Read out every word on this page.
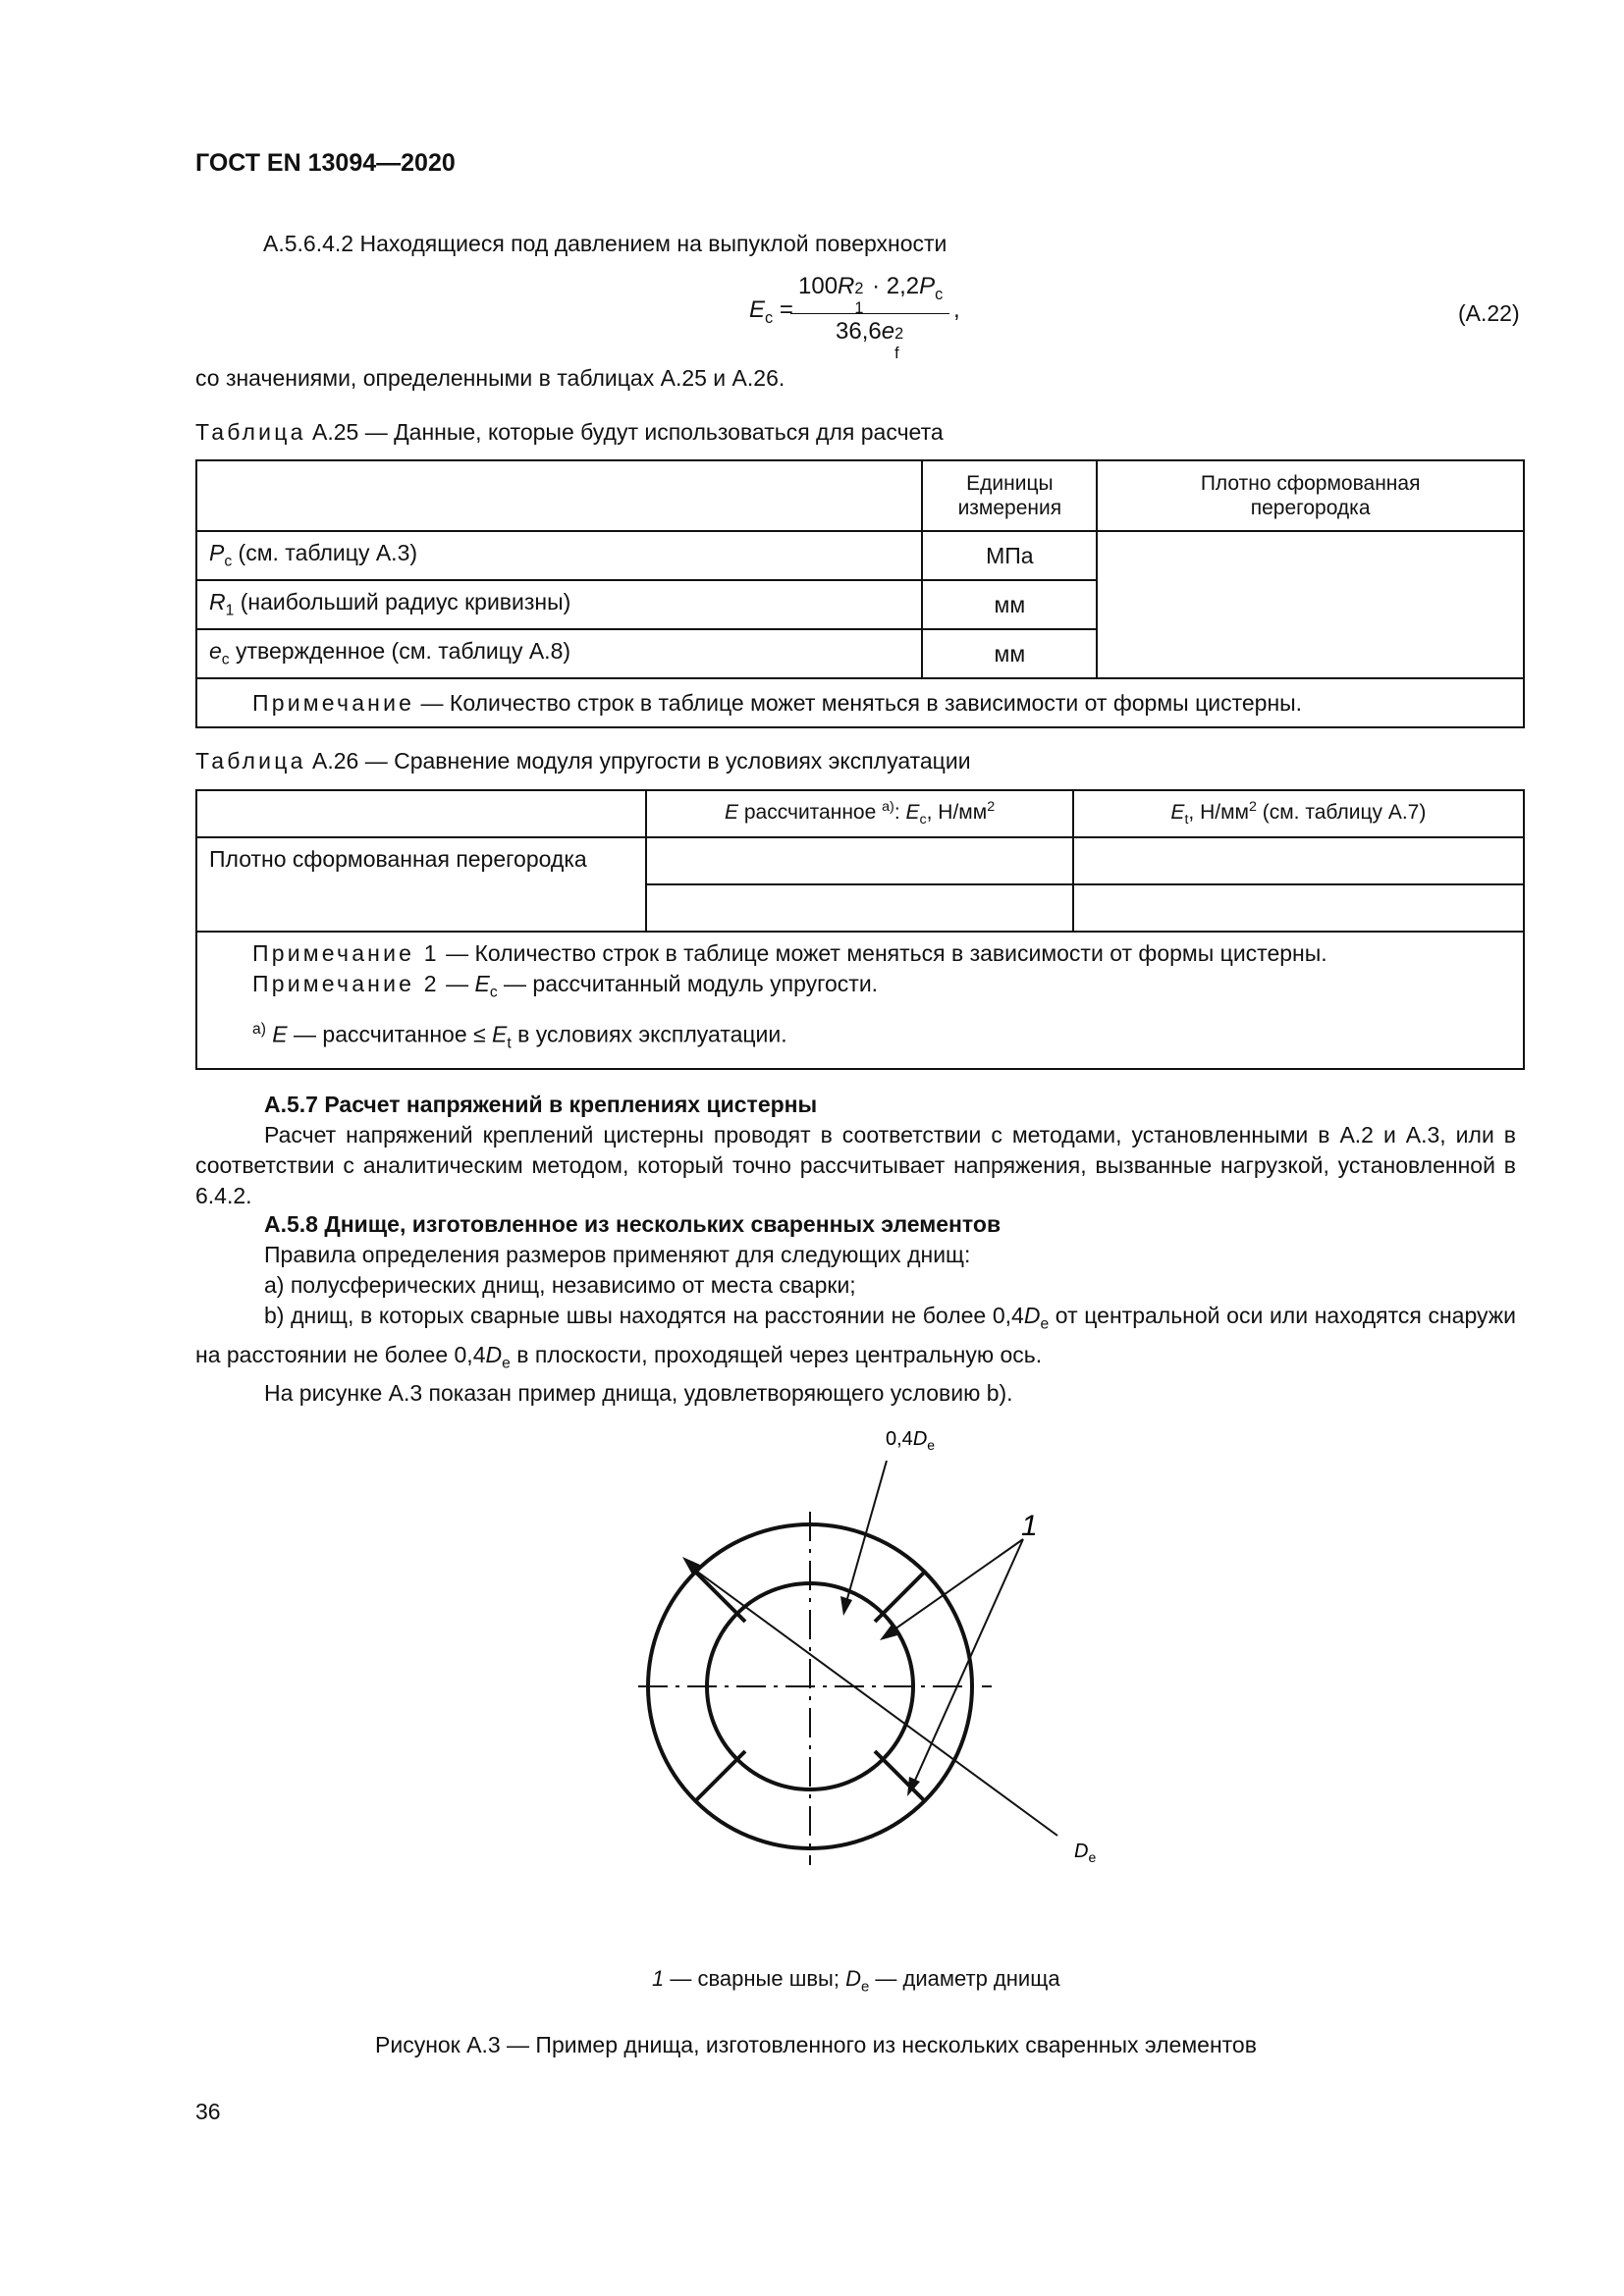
ГОСТ EN 13094—2020
А.5.6.4.2 Находящиеся под давлением на выпуклой поверхности
$E_c$ =
100R 2
1
· $2,2P_c$
36,6e 2
f
,	(А.22)
со значениями, определенными в таблицах А.25 и А.26.
Таблица А.25 — Данные, которые будут использоваться для расчета
	Единицы измерения	Плотно сформованная перегородка
$P_c$ (см. таблицу А.3)	МПа	
$R_1$ (наибольший радиус кривизны)	мм	
$e_c$ утвержденное (см. таблицу А.8)	мм	
Примечание — Количество строк в таблице может меняться в зависимости от формы цистерны.		
Таблица А.26 — Сравнение модуля упругости в условиях эксплуатации
	E рассчитанное $^{а)}$: $E_c$, $Н/мм^2$	$E_t$, $Н/мм^2$ (см. таблицу А.7)
Плотно сформованная перегородка		

Примечание 1 — Количество строк в таблице может меняться в зависимости от формы цистерны.
Примечание 2 — $E_c$ — рассчитанный модуль упругости.
$^{а)}$ E — рассчитанное ≤ $E_t$ в условиях эксплуатации.		
А.5.7 Расчет напряжений в креплениях цистерны
Расчет напряжений креплений цистерны проводят в соответствии с методами, установленными в А.2 и А.3, или в соответствии с аналитическим методом, который точно рассчитывает напряжения, вызванные нагрузкой, установленной в 6.4.2.
А.5.8 Днище, изготовленное из нескольких сваренных элементов
Правила определения размеров применяют для следующих днищ:
а) полусферических днищ, независимо от места сварки;
b) днищ, в которых сварные швы находятся на расстоянии не более $0,4D_e$ от центральной оси или находятся снаружи на расстоянии не более $0,4D_e$ в плоскости, проходящей через центральную ось.
На рисунке А.3 показан пример днища, удовлетворяющего условию b).
$0,4D_e$
1
$D_e$
1 — сварные швы; $D_e$ — диаметр днища
Рисунок А.3 — Пример днища, изготовленного из нескольких сваренных элементов
36
